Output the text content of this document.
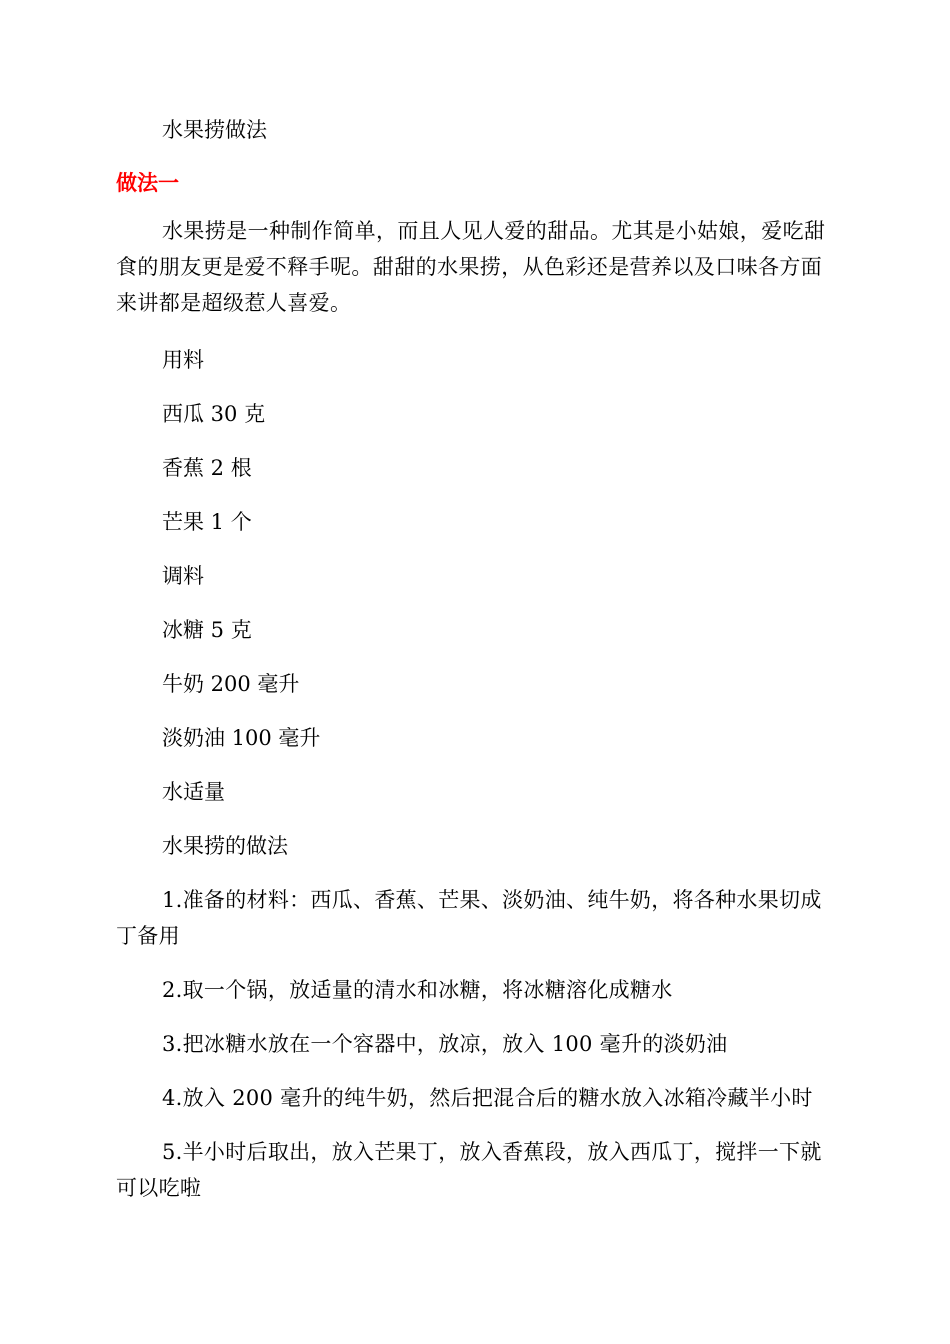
水果捞做法
做法一
水果捞是一种制作简单，而且人见人爱的甜品。尤其是小姑娘，爱吃甜食的朋友更是爱不释手呢。甜甜的水果捞，从色彩还是营养以及口味各方面来讲都是超级惹人喜爱。
用料
西瓜 30 克
香蕉 2 根
芒果 1 个
调料
冰糖 5 克
牛奶 200 毫升
淡奶油 100 毫升
水适量
水果捞的做法
1.准备的材料：西瓜、香蕉、芒果、淡奶油、纯牛奶，将各种水果切成丁备用
2.取一个锅，放适量的清水和冰糖，将冰糖溶化成糖水
3.把冰糖水放在一个容器中，放凉，放入 100 毫升的淡奶油
4.放入 200 毫升的纯牛奶，然后把混合后的糖水放入冰箱冷藏半小时
5.半小时后取出，放入芒果丁，放入香蕉段，放入西瓜丁，搅拌一下就可以吃啦
